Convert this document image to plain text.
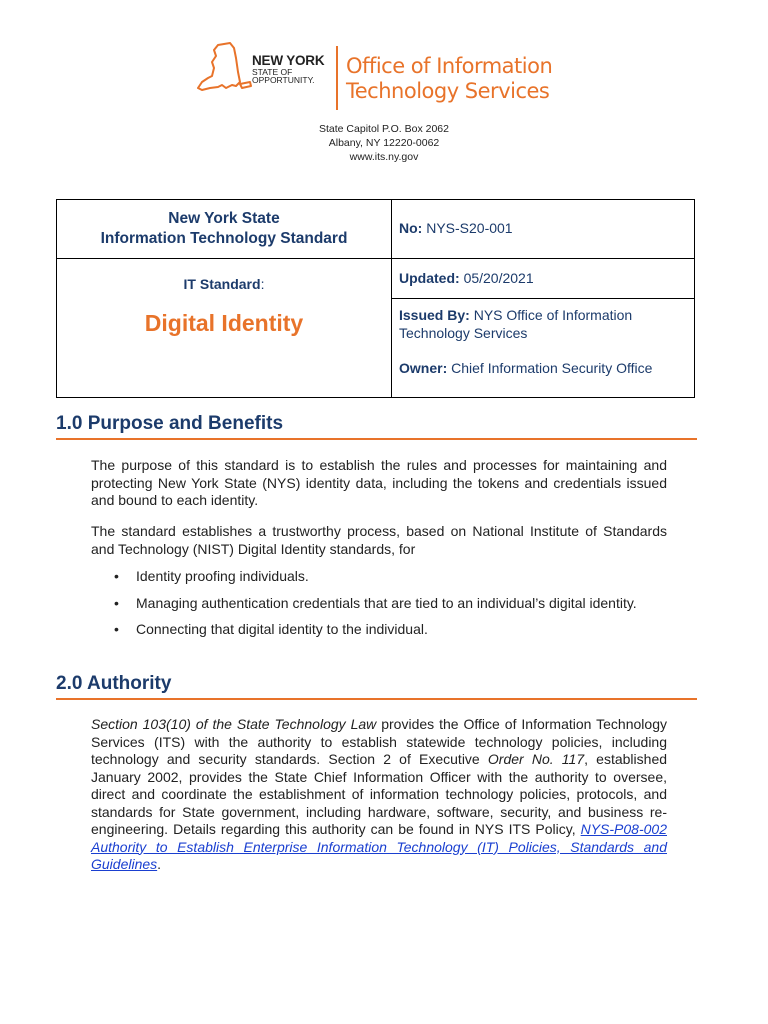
NEW YORK
STATE OF
OPPORTUNITY.
Office of Information
Technology Services
State Capitol P.O. Box 2062
Albany, NY 12220-0062
www.its.ny.gov
New York State
Information Technology Standard
No: NYS-S20-001
IT Standard:
Digital Identity
Updated: 05/20/2021
Issued By: NYS Office of Information Technology Services
Owner: Chief Information Security Office
1.0 Purpose and Benefits
The purpose of this standard is to establish the rules and processes for maintaining and protecting New York State (NYS) identity data, including the tokens and credentials issued and bound to each identity.
The standard establishes a trustworthy process, based on National Institute of Standards and Technology (NIST) Digital Identity standards, for
• Identity proofing individuals.
• Managing authentication credentials that are tied to an individual’s digital identity.
• Connecting that digital identity to the individual.
2.0 Authority
Section 103(10) of the State Technology Law provides the Office of Information Technology Services (ITS) with the authority to establish statewide technology policies, including technology and security standards. Section 2 of Executive Order No. 117, established January 2002, provides the State Chief Information Officer with the authority to oversee, direct and coordinate the establishment of information technology policies, protocols, and standards for State government, including hardware, software, security, and business re-engineering. Details regarding this authority can be found in NYS ITS Policy, NYS-P08-002 Authority to Establish Enterprise Information Technology (IT) Policies, Standards and Guidelines.
